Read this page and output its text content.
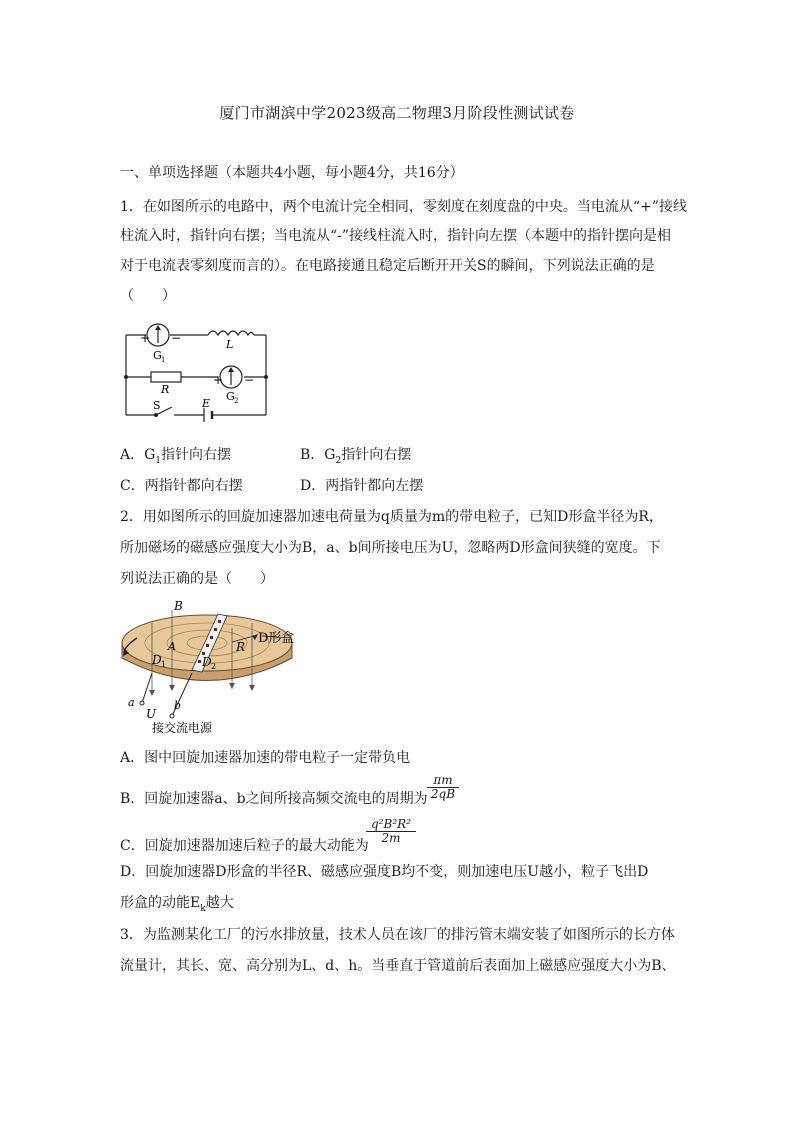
厦门市湖滨中学2023级高二物理3月阶段性测试试卷
一、单项选择题（本题共4小题，每小题4分，共16分）
1．在如图所示的电路中，两个电流计完全相同，零刻度在刻度盘的中央。当电流从“+”接线
柱流入时，指针向右摆；当电流从“-”接线柱流入时，指针向左摆（本题中的指针摆向是相
对于电流表零刻度而言的）。在电路接通且稳定后断开开关S的瞬间，下列说法正确的是
（　　）
+ −
G 1
L
R
+ −
G 2
S	E
A．$G_1$指针向右摆	B．$G_2$指针向右摆
C．两指针都向右摆	D．两指针都向左摆
2．用如图所示的回旋加速器加速电荷量为q质量为m的带电粒子，已知D形盒半径为R，
所加磁场的磁感应强度大小为B，a、b间所接电压为U，忽略两D形盒间狭缝的宽度。下
列说法正确的是（　　）
B
D形盒
A
D 1	D 2
R
a	b
U
接交流电源
A．图中回旋加速器加速的带电粒子一定带负电
B．回旋加速器a、b之间所接高频交流电的周期为 $\frac{\pi m}{2qB}$
C．回旋加速器加速后粒子的最大动能为
$\frac{\text{q²B²R²}}{2m}$
D．回旋加速器D形盒的半径R、磁感应强度B均不变，则加速电压U越小，粒子飞出D
形盒的动能$E_k$越大
3．为监测某化工厂的污水排放量，技术人员在该厂的排污管末端安装了如图所示的长方体
流量计，其长、宽、高分别为L、d、h。当垂直于管道前后表面加上磁感应强度大小为B、
